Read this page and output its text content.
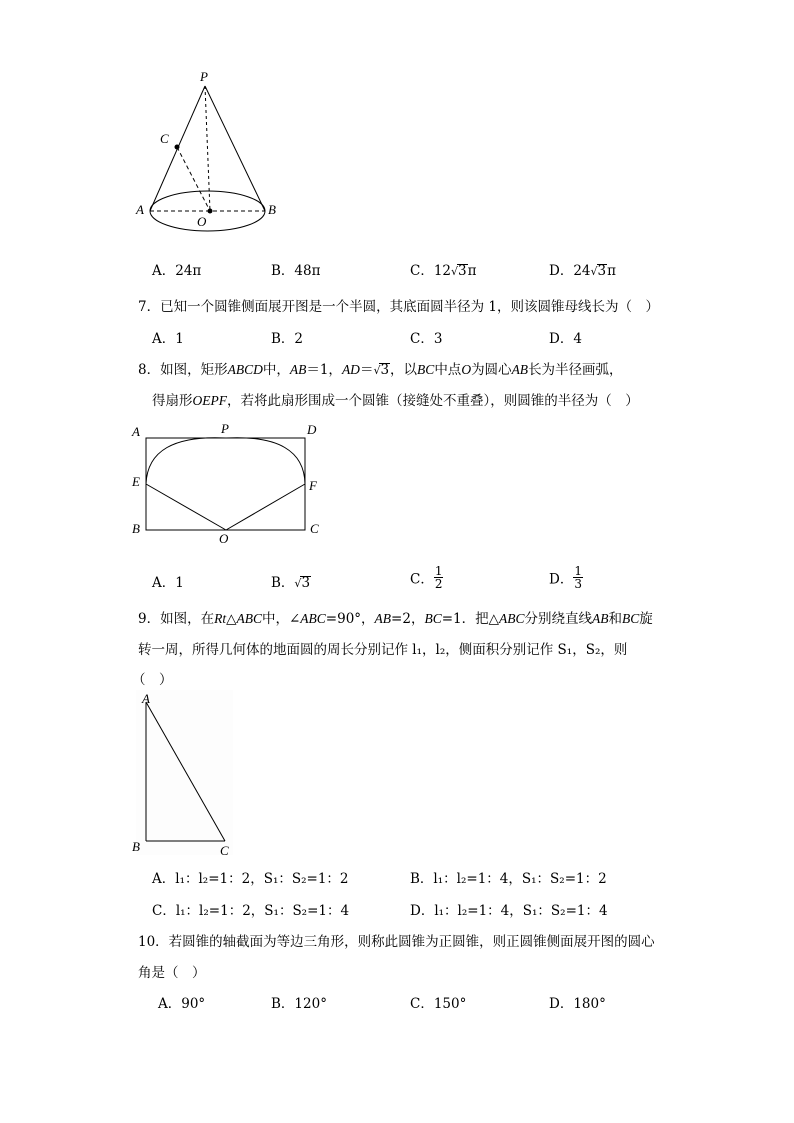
P
C
A
O
B
A．24π	B．48π	C．12√3π	D．24√3π
7．已知一个圆锥侧面展开图是一个半圆，其底面圆半径为 1，则该圆锥母线长为（　）
A．1	B．2	C．3	D．4
8．如图，矩形ABCD中，AB＝1，AD＝√3，以BC中点O为圆心AB长为半径画弧，
得扇形OEPF，若将此扇形围成一个圆锥（接缝处不重叠），则圆锥的半径为（　）
A	P	D
E	F
B
O
C
A．1	B．√3	C． $\frac{1}{2}$	D． $\frac{1}{3}$
9．如图，在Rt△ABC中，∠ABC=90°，AB=2，BC=1．把△ABC分别绕直线AB和BC旋
转一周，所得几何体的地面圆的周长分别记作 l₁，l₂，侧面积分别记作 S₁，S₂，则
（　）
A
B	C
A．l₁：l₂=1：2，S₁：S₂=1：2	B．l₁：l₂=1：4，S₁：S₂=1：2
C．l₁：l₂=1：2，S₁：S₂=1：4	D．l₁：l₂=1：4，S₁：S₂=1：4
10．若圆锥的轴截面为等边三角形，则称此圆锥为正圆锥，则正圆锥侧面展开图的圆心
角是（　）
A．90°	B．120°	C．150°	D．180°
